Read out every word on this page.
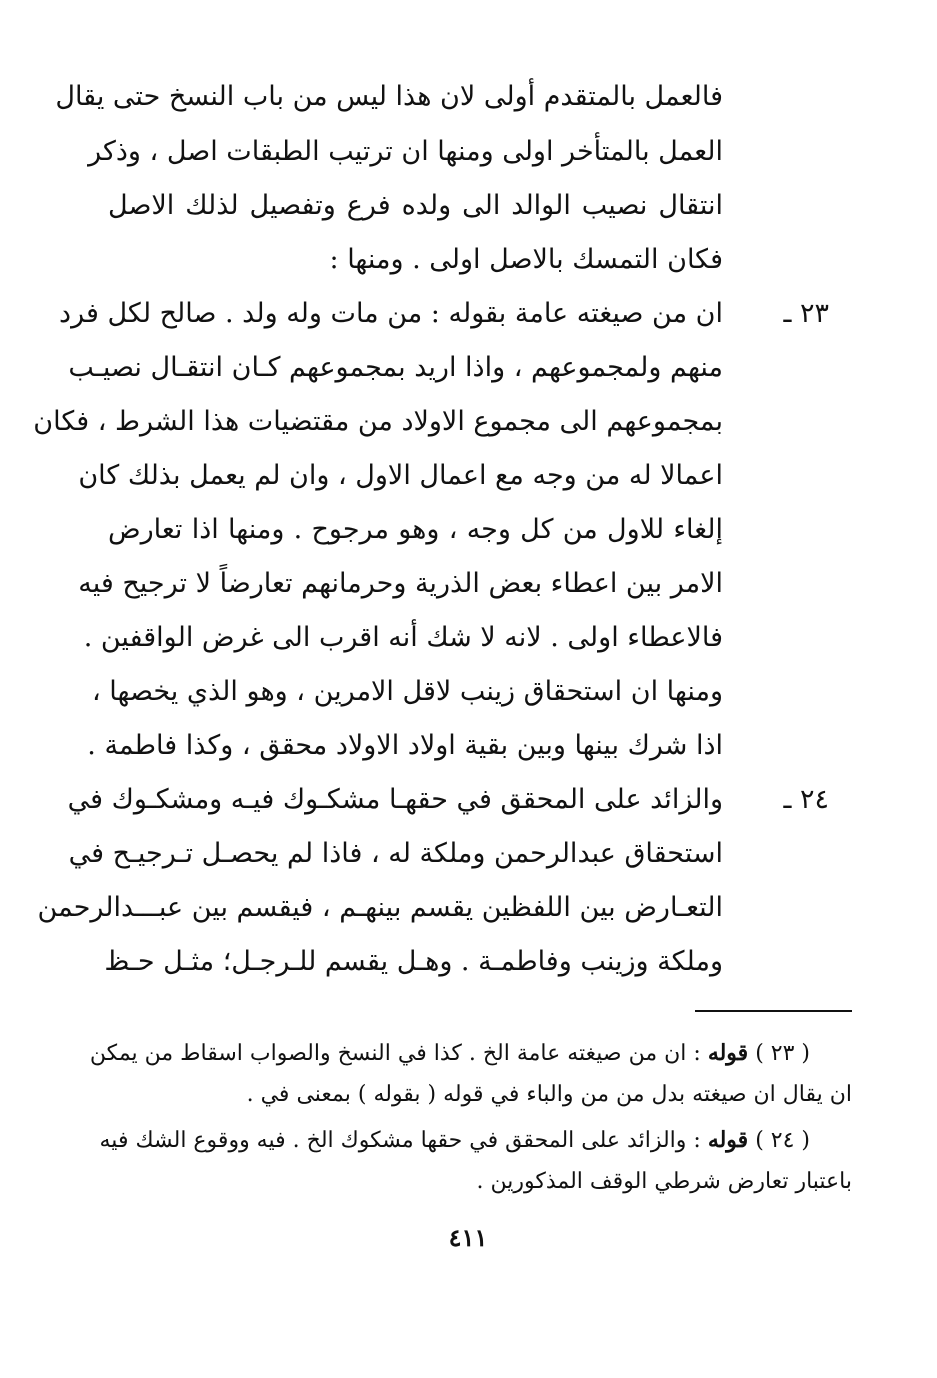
فالعمل بالمتقدم أولى لان هذا ليس من باب النسخ حتى يقال
العمل بالمتأخر اولى ومنها ان ترتيب الطبقات اصل ، وذكر
انتقال نصيب الوالد الى ولده فرع وتفصيل لذلك الاصل
فكان التمسك بالاصل اولى . ومنها :
٢٣ ـ
ان من صيغته عامة بقوله : من مات وله ولد . صالح لكل فرد
منهم ولمجموعهم ، واذا اريد بمجموعهم كـان انتقـال نصيـب
بمجموعهم الى مجموع الاولاد من مقتضيات هذا الشرط ، فكان
اعمالا له من وجه مع اعمال الاول ، وان لم يعمل بذلك كان
إلغاء للاول من كل وجه ، وهو مرجوح . ومنها اذا تعارض
الامر بين اعطاء بعض الذرية وحرمانهم تعارضاً لا ترجيح فيه
فالاعطاء اولى . لانه لا شك أنه اقرب الى غرض الواقفين .
ومنها ان استحقاق زينب لاقل الامرين ، وهو الذي يخصها ،
اذا شرك بينها وبين بقية اولاد الاولاد محقق ، وكذا فاطمة .
٢٤ ـ
والزائد على المحقق في حقهـا مشكـوك فيـه ومشكـوك في
استحقاق عبدالرحمن وملكة له ، فاذا لم يحصـل تـرجيـح في
التعـارض بين اللفظين يقسم بينهـم ، فيقسم بين عبـــدالرحمن
وملكة وزينب وفاطمـة . وهـل يقسم للـرجـل؛ مثـل حـظ
( ٢٣ ) قوله : ان من صيغته عامة الخ . كذا في النسخ والصواب اسقاط من يمكن
ان يقال ان صيغته بدل من من والباء في قوله ( بقوله ) بمعنى في .
( ٢٤ ) قوله : والزائد على المحقق في حقها مشكوك الخ . فيه ووقوع الشك فيه
باعتبار تعارض شرطي الوقف المذكورين .
٤١١
